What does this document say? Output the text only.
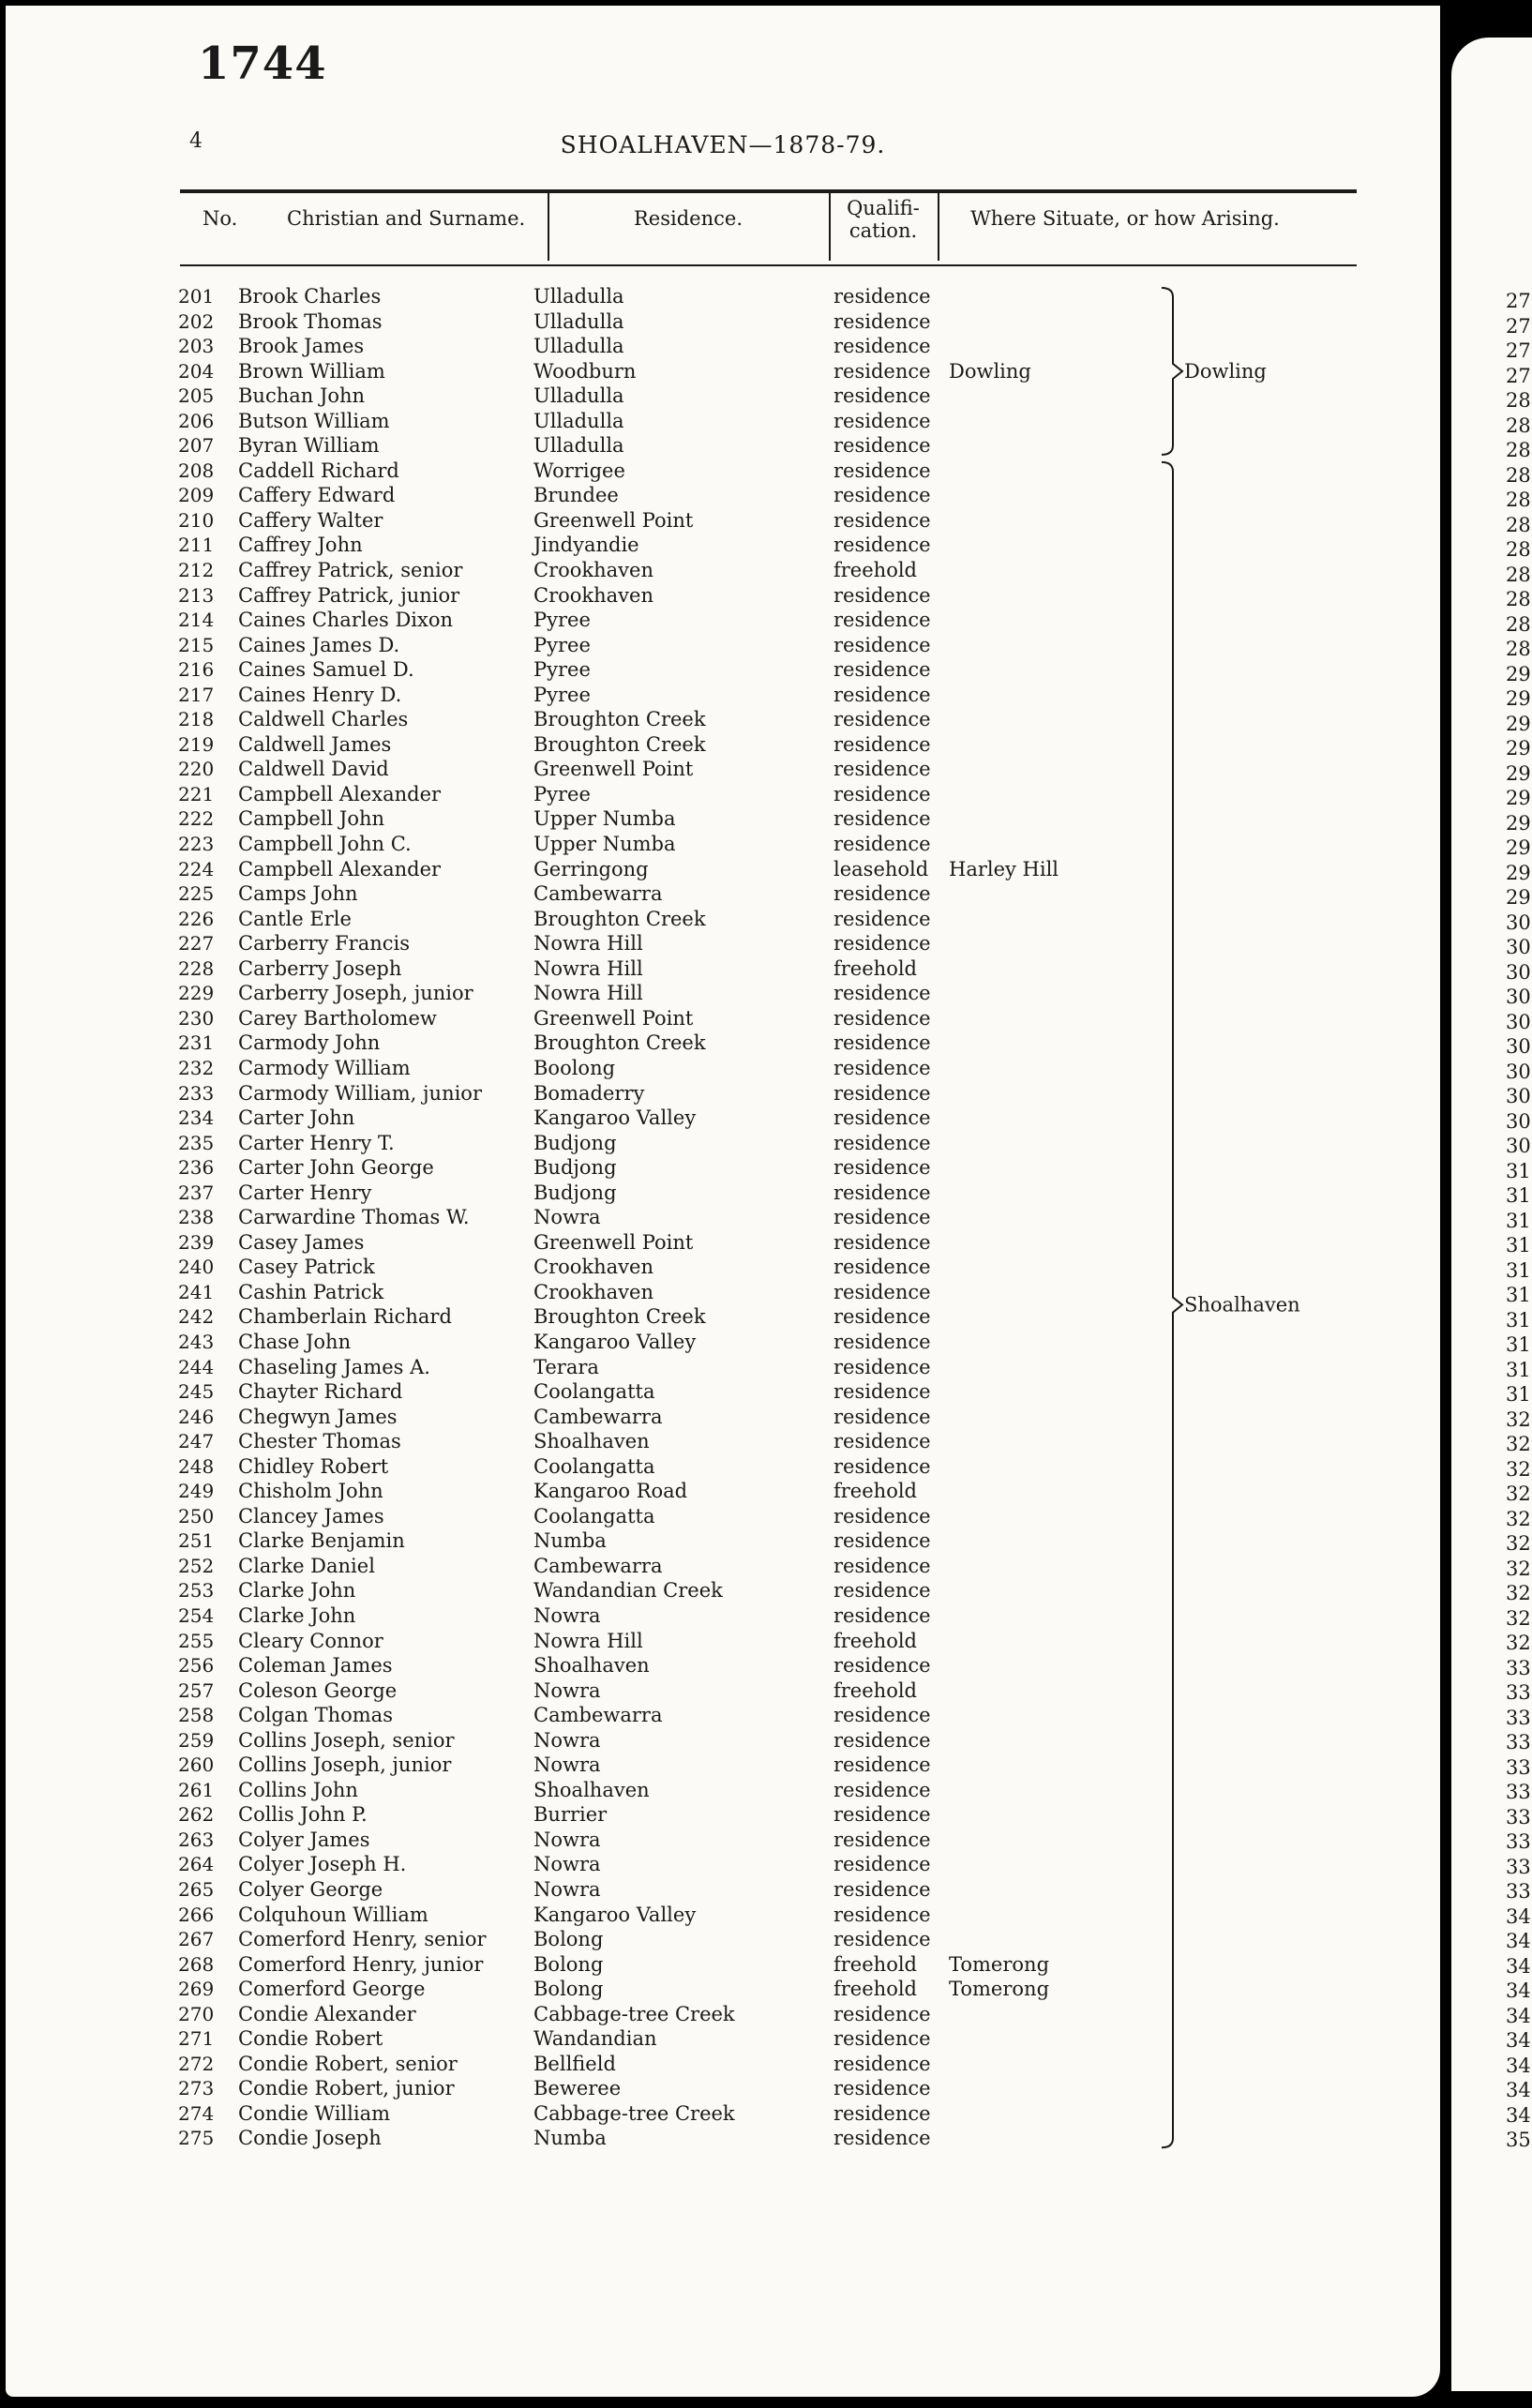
1744
4	SHOALHAVEN—1878-79.
No.	Christian and Surname.	Residence.	Qualifi-
cation.
Where Situate, or how Arising.
201 Brook Charles	Ulladulla	residence
202 Brook Thomas	Ulladulla	residence
203 Brook James	Ulladulla	residence
204 Brown William	Woodburn	residence Dowling
205 Buchan John	Ulladulla	residence
206 Butson William	Ulladulla	residence
207 Byran William	Ulladulla	residence
208 Caddell Richard	Worrigee	residence
209 Caffery Edward	Brundee	residence
210 Caffery Walter	Greenwell Point	residence
211 Caffrey John	Jindyandie	residence
212 Caffrey Patrick, senior	Crookhaven	freehold
213 Caffrey Patrick, junior	Crookhaven	residence
214 Caines Charles Dixon	Pyree	residence
215 Caines James D.	Pyree	residence
216 Caines Samuel D.	Pyree	residence
217 Caines Henry D.	Pyree	residence
218 Caldwell Charles	Broughton Creek	residence
219 Caldwell James	Broughton Creek	residence
220 Caldwell David	Greenwell Point	residence
221 Campbell Alexander	Pyree	residence
222 Campbell John	Upper Numba	residence
223 Campbell John C.	Upper Numba	residence
224 Campbell Alexander	Gerringong	leasehold Harley Hill
225 Camps John	Cambewarra	residence
226 Cantle Erle	Broughton Creek	residence
227 Carberry Francis	Nowra Hill	residence
228 Carberry Joseph	Nowra Hill	freehold
229 Carberry Joseph, junior	Nowra Hill	residence
230 Carey Bartholomew	Greenwell Point	residence
231 Carmody John	Broughton Creek	residence
232 Carmody William	Boolong	residence
233 Carmody William, junior	Bomaderry	residence
234 Carter John	Kangaroo Valley	residence
235 Carter Henry T.	Budjong	residence
236 Carter John George	Budjong	residence
237 Carter Henry	Budjong	residence
238 Carwardine Thomas W.	Nowra	residence
239 Casey James	Greenwell Point	residence
240 Casey Patrick	Crookhaven	residence
241 Cashin Patrick	Crookhaven	residence
242 Chamberlain Richard	Broughton Creek	residence
243 Chase John	Kangaroo Valley	residence
244 Chaseling James A.	Terara	residence
245 Chayter Richard	Coolangatta	residence
246 Chegwyn James	Cambewarra	residence
247 Chester Thomas	Shoalhaven	residence
248 Chidley Robert	Coolangatta	residence
249 Chisholm John	Kangaroo Road	freehold
250 Clancey James	Coolangatta	residence
251 Clarke Benjamin	Numba	residence
252 Clarke Daniel	Cambewarra	residence
253 Clarke John	Wandandian Creek	residence
254 Clarke John	Nowra	residence
255 Cleary Connor	Nowra Hill	freehold
256 Coleman James	Shoalhaven	residence
257 Coleson George	Nowra	freehold
258 Colgan Thomas	Cambewarra	residence
259 Collins Joseph, senior	Nowra	residence
260 Collins Joseph, junior	Nowra	residence
261 Collins John	Shoalhaven	residence
262 Collis John P.	Burrier	residence
263 Colyer James	Nowra	residence
264 Colyer Joseph H.	Nowra	residence
265 Colyer George	Nowra	residence
266 Colquhoun William	Kangaroo Valley	residence
267 Comerford Henry, senior Bolong	residence
268 Comerford Henry, junior	Bolong	freehold Tomerong
269 Comerford George	Bolong	freehold Tomerong
270 Condie Alexander	Cabbage-tree Creek	residence
271 Condie Robert	Wandandian	residence
272 Condie Robert, senior	Bellfield	residence
273 Condie Robert, junior	Beweree	residence
274 Condie William	Cabbage-tree Creek	residence
275 Condie Joseph	Numba	residence
Dowling
Shoalhaven
27
27
27
27
28
28
28
28
28
28
28
28
28
28
28
29
29
29
29
29
29
29
29
29
29
30
30
30
30
30
30
30
30
30
30
31
31
31
31
31
31
31
31
31
31
32
32
32
32
32
32
32
32
32
32
33
33
33
33
33
33
33
33
33
33
34
34
34
34
34
34
34
34
34
35
